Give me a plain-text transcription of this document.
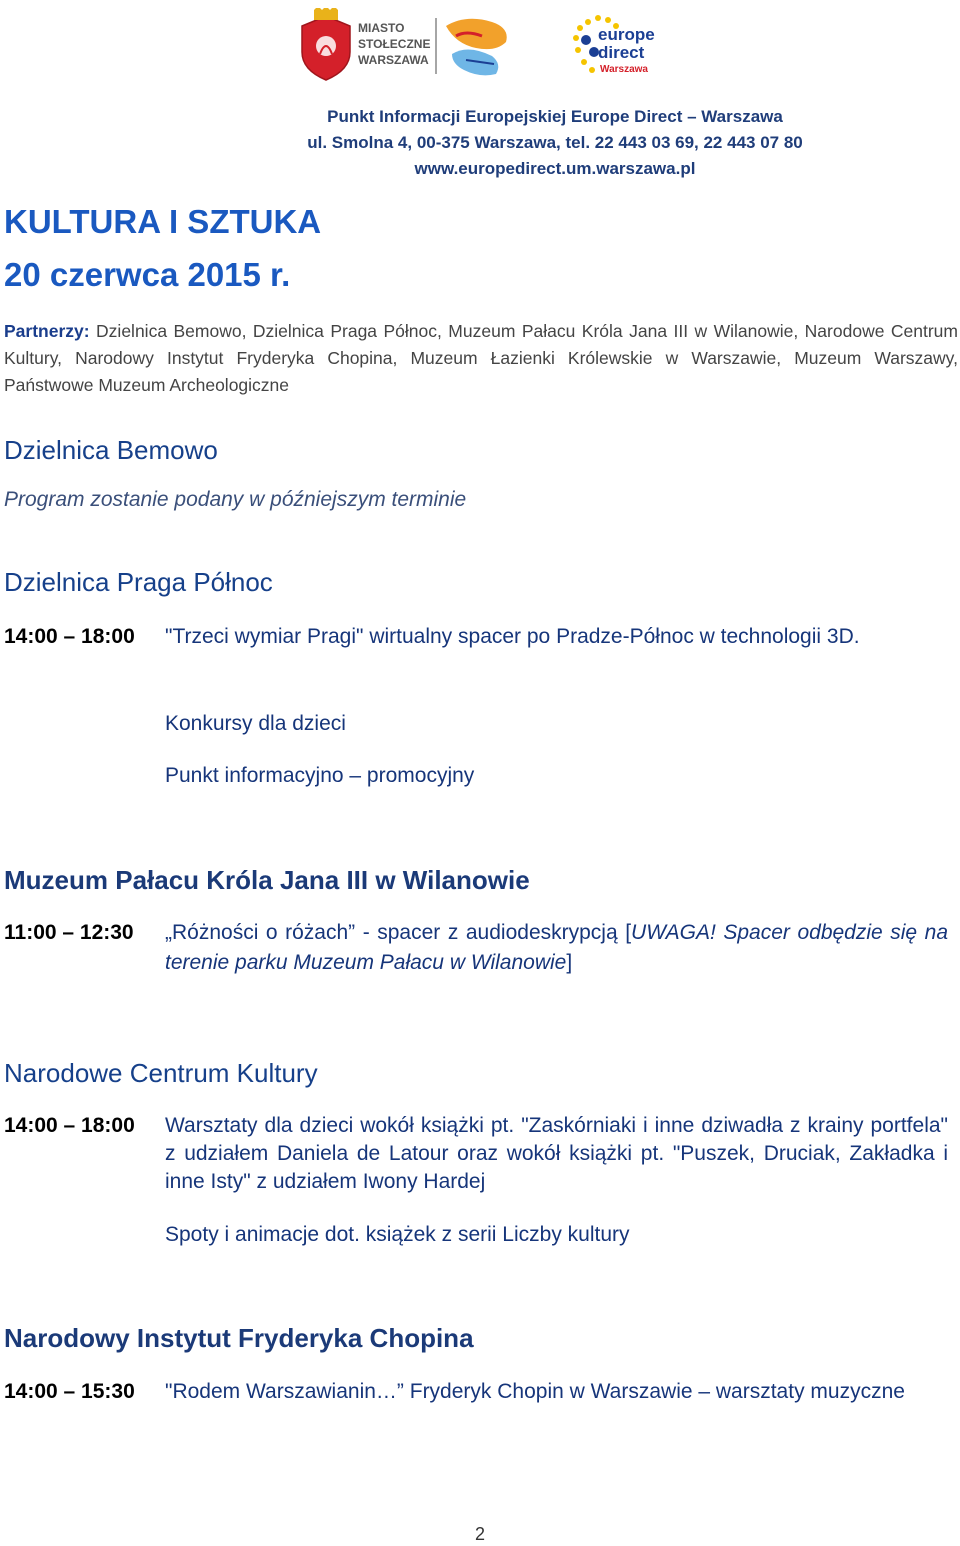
MIASTO
STOŁECZNE
WARSZAWA
europe
direct
Warszawa
Punkt Informacji Europejskiej Europe Direct – Warszawa
ul. Smolna 4, 00-375 Warszawa, tel. 22 443 03 69, 22 443 07 80
www.europedirect.um.warszawa.pl
KULTURA I SZTUKA
20 czerwca 2015 r.
Partnerzy: Dzielnica Bemowo, Dzielnica Praga Północ, Muzeum Pałacu Króla Jana III w Wilanowie, Narodowe Centrum Kultury, Narodowy Instytut Fryderyka Chopina, Muzeum Łazienki Królewskie w Warszawie, Muzeum Warszawy, Państwowe Muzeum Archeologiczne
Dzielnica Bemowo
Program zostanie podany w późniejszym terminie
Dzielnica Praga Północ
14:00 – 18:00	"Trzeci wymiar Pragi" wirtualny spacer po Pradze-Północ w technologii 3D.
Konkursy dla dzieci
Punkt informacyjno – promocyjny
Muzeum Pałacu Króla Jana III w Wilanowie
11:00 – 12:30	„Różności o różach” - spacer z audiodeskrypcją [UWAGA! Spacer odbędzie się na terenie parku Muzeum Pałacu w Wilanowie]
Narodowe Centrum Kultury
14:00 – 18:00	Warsztaty dla dzieci wokół książki pt. "Zaskórniaki i inne dziwadła z krainy portfela" z udziałem Daniela de Latour oraz wokół książki pt. "Puszek, Druciak, Zakładka i inne Isty" z udziałem Iwony Hardej
Spoty i animacje dot. książek z serii Liczby kultury
Narodowy Instytut Fryderyka Chopina
14:00 – 15:30	"Rodem Warszawianin…” Fryderyk Chopin w Warszawie – warsztaty muzyczne
2
